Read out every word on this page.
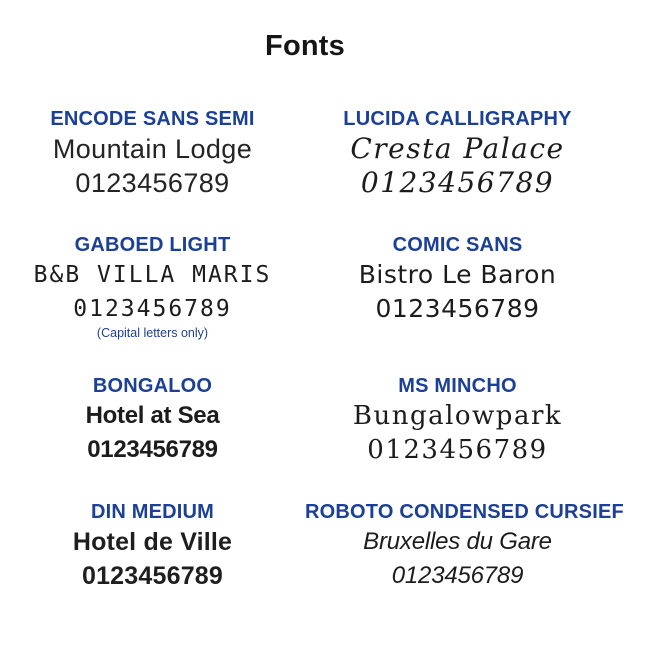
Fonts
ENCODE SANS SEMI
Mountain Lodge
0123456789
LUCIDA CALLIGRAPHY
Cresta Palace
0123456789
GABOED LIGHT
B&B VILLA MARIS
0123456789
(Capital letters only)
COMIC SANS
Bistro Le Baron
0123456789
BONGALOO
Hotel at Sea
0123456789
MS MINCHO
Bungalowpark
0123456789
DIN MEDIUM
Hotel de Ville
0123456789
ROBOTO CONDENSED CURSIEF
Bruxelles du Gare
0123456789
